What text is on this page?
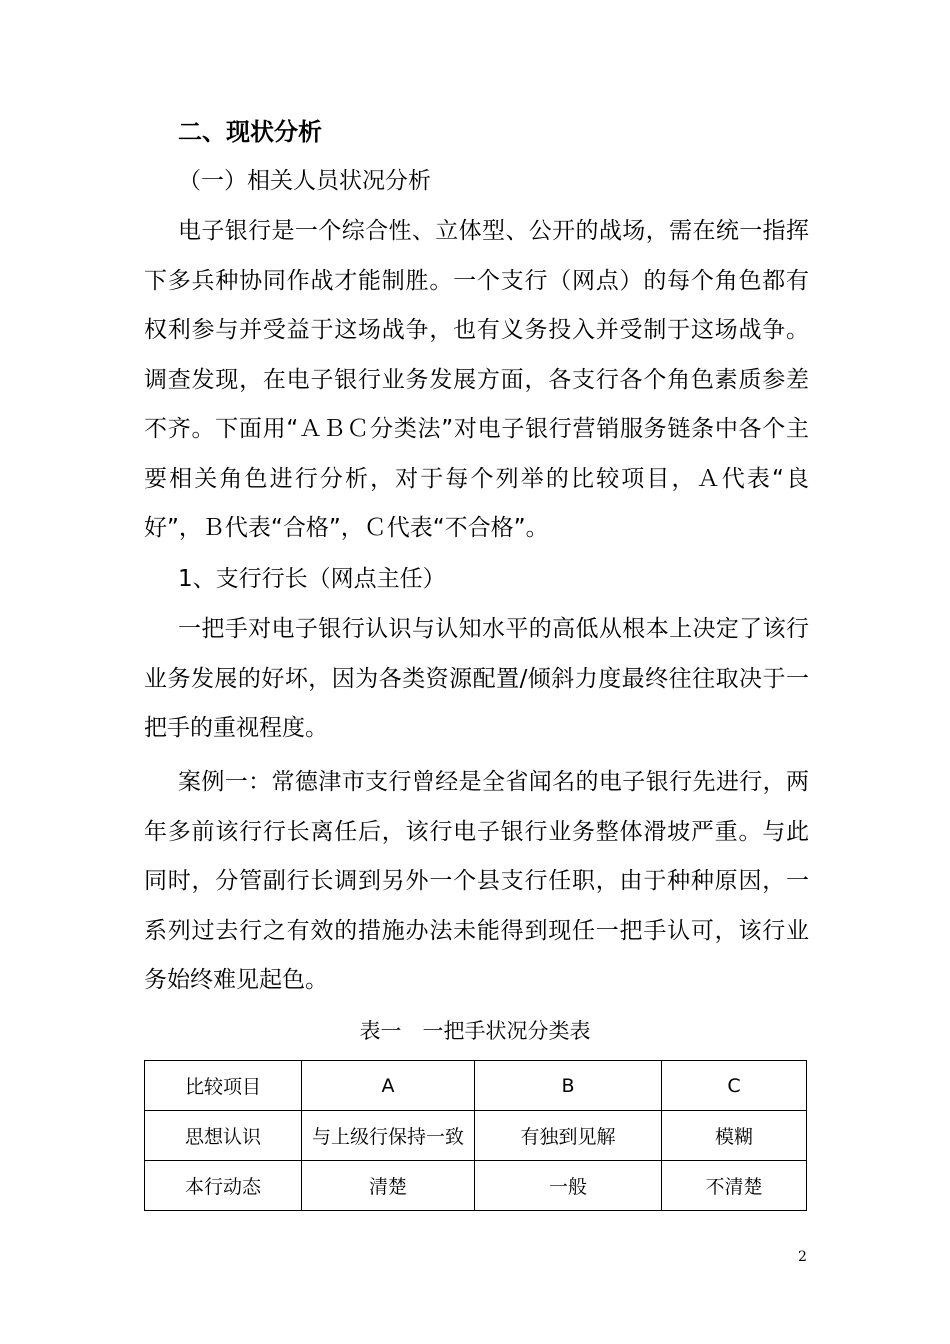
二、现状分析
（一）相关人员状况分析

电子银行是一个综合性、立体型、公开的战场，需在统一指挥下多兵种协同作战才能制胜。一个支行（网点）的每个角色都有权利参与并受益于这场战争，也有义务投入并受制于这场战争。调查发现，在电子银行业务发展方面，各支行各个角色素质参差不齐。下面用“ＡＢＣ分类法”对电子银行营销服务链条中各个主要相关角色进行分析，对于每个列举的比较项目，Ａ代表“良好”，Ｂ代表“合格”，Ｃ代表“不合格”。

1、支行行长（网点主任）

一把手对电子银行认识与认知水平的高低从根本上决定了该行业务发展的好坏，因为各类资源配置/倾斜力度最终往往取决于一把手的重视程度。

案例一：常德津市支行曾经是全省闻名的电子银行先进行，两年多前该行行长离任后，该行电子银行业务整体滑坡严重。与此同时，分管副行长调到另外一个县支行任职，由于种种原因，一系列过去行之有效的措施办法未能得到现任一把手认可，该行业务始终难见起色。

表一　一把手状况分类表
比较项目	A	B	C
思想认识	与上级行保持一致	有独到见解	模糊
本行动态	清楚	一般	不清楚
2
